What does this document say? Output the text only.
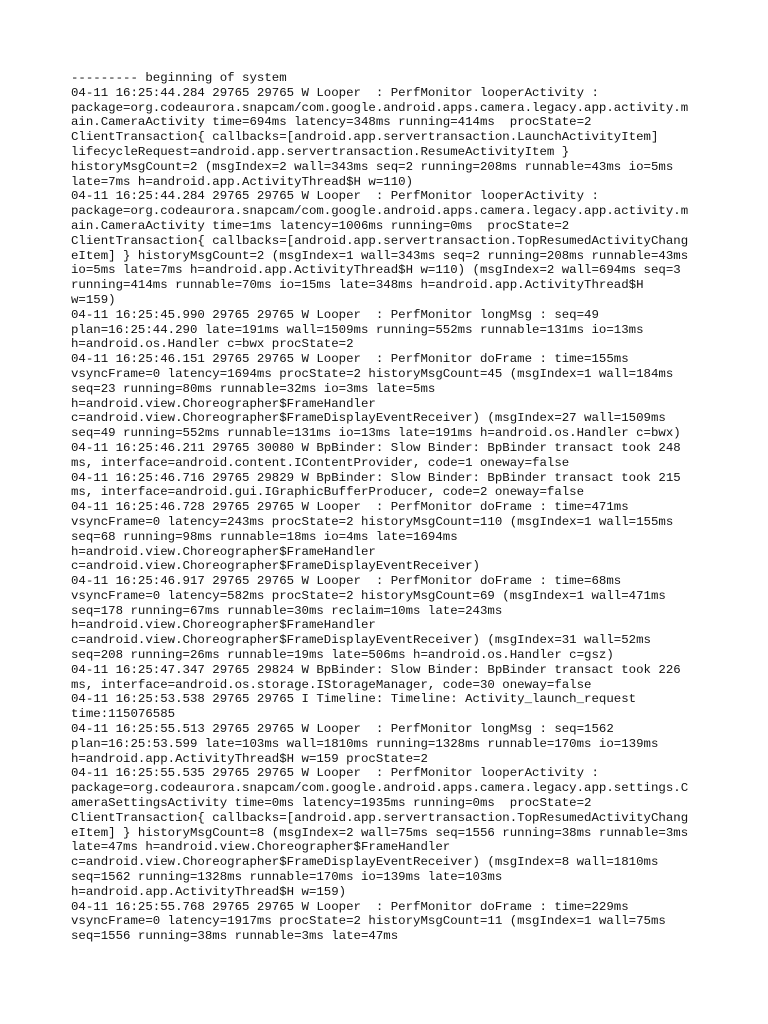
--------- beginning of system
04-11 16:25:44.284 29765 29765 W Looper  : PerfMonitor looperActivity :
package=org.codeaurora.snapcam/com.google.android.apps.camera.legacy.app.activity.m
ain.CameraActivity time=694ms latency=348ms running=414ms  procState=2
ClientTransaction{ callbacks=[android.app.servertransaction.LaunchActivityItem]
lifecycleRequest=android.app.servertransaction.ResumeActivityItem }
historyMsgCount=2 (msgIndex=2 wall=343ms seq=2 running=208ms runnable=43ms io=5ms
late=7ms h=android.app.ActivityThread$H w=110)
04-11 16:25:44.284 29765 29765 W Looper  : PerfMonitor looperActivity :
package=org.codeaurora.snapcam/com.google.android.apps.camera.legacy.app.activity.m
ain.CameraActivity time=1ms latency=1006ms running=0ms  procState=2
ClientTransaction{ callbacks=[android.app.servertransaction.TopResumedActivityChang
eItem] } historyMsgCount=2 (msgIndex=1 wall=343ms seq=2 running=208ms runnable=43ms
io=5ms late=7ms h=android.app.ActivityThread$H w=110) (msgIndex=2 wall=694ms seq=3
running=414ms runnable=70ms io=15ms late=348ms h=android.app.ActivityThread$H
w=159)
04-11 16:25:45.990 29765 29765 W Looper  : PerfMonitor longMsg : seq=49
plan=16:25:44.290 late=191ms wall=1509ms running=552ms runnable=131ms io=13ms
h=android.os.Handler c=bwx procState=2
04-11 16:25:46.151 29765 29765 W Looper  : PerfMonitor doFrame : time=155ms
vsyncFrame=0 latency=1694ms procState=2 historyMsgCount=45 (msgIndex=1 wall=184ms
seq=23 running=80ms runnable=32ms io=3ms late=5ms
h=android.view.Choreographer$FrameHandler
c=android.view.Choreographer$FrameDisplayEventReceiver) (msgIndex=27 wall=1509ms
seq=49 running=552ms runnable=131ms io=13ms late=191ms h=android.os.Handler c=bwx)
04-11 16:25:46.211 29765 30080 W BpBinder: Slow Binder: BpBinder transact took 248
ms, interface=android.content.IContentProvider, code=1 oneway=false
04-11 16:25:46.716 29765 29829 W BpBinder: Slow Binder: BpBinder transact took 215
ms, interface=android.gui.IGraphicBufferProducer, code=2 oneway=false
04-11 16:25:46.728 29765 29765 W Looper  : PerfMonitor doFrame : time=471ms
vsyncFrame=0 latency=243ms procState=2 historyMsgCount=110 (msgIndex=1 wall=155ms
seq=68 running=98ms runnable=18ms io=4ms late=1694ms
h=android.view.Choreographer$FrameHandler
c=android.view.Choreographer$FrameDisplayEventReceiver)
04-11 16:25:46.917 29765 29765 W Looper  : PerfMonitor doFrame : time=68ms
vsyncFrame=0 latency=582ms procState=2 historyMsgCount=69 (msgIndex=1 wall=471ms
seq=178 running=67ms runnable=30ms reclaim=10ms late=243ms
h=android.view.Choreographer$FrameHandler
c=android.view.Choreographer$FrameDisplayEventReceiver) (msgIndex=31 wall=52ms
seq=208 running=26ms runnable=19ms late=506ms h=android.os.Handler c=gsz)
04-11 16:25:47.347 29765 29824 W BpBinder: Slow Binder: BpBinder transact took 226
ms, interface=android.os.storage.IStorageManager, code=30 oneway=false
04-11 16:25:53.538 29765 29765 I Timeline: Timeline: Activity_launch_request
time:115076585
04-11 16:25:55.513 29765 29765 W Looper  : PerfMonitor longMsg : seq=1562
plan=16:25:53.599 late=103ms wall=1810ms running=1328ms runnable=170ms io=139ms
h=android.app.ActivityThread$H w=159 procState=2
04-11 16:25:55.535 29765 29765 W Looper  : PerfMonitor looperActivity :
package=org.codeaurora.snapcam/com.google.android.apps.camera.legacy.app.settings.C
ameraSettingsActivity time=0ms latency=1935ms running=0ms  procState=2
ClientTransaction{ callbacks=[android.app.servertransaction.TopResumedActivityChang
eItem] } historyMsgCount=8 (msgIndex=2 wall=75ms seq=1556 running=38ms runnable=3ms
late=47ms h=android.view.Choreographer$FrameHandler
c=android.view.Choreographer$FrameDisplayEventReceiver) (msgIndex=8 wall=1810ms
seq=1562 running=1328ms runnable=170ms io=139ms late=103ms
h=android.app.ActivityThread$H w=159)
04-11 16:25:55.768 29765 29765 W Looper  : PerfMonitor doFrame : time=229ms
vsyncFrame=0 latency=1917ms procState=2 historyMsgCount=11 (msgIndex=1 wall=75ms
seq=1556 running=38ms runnable=3ms late=47ms
